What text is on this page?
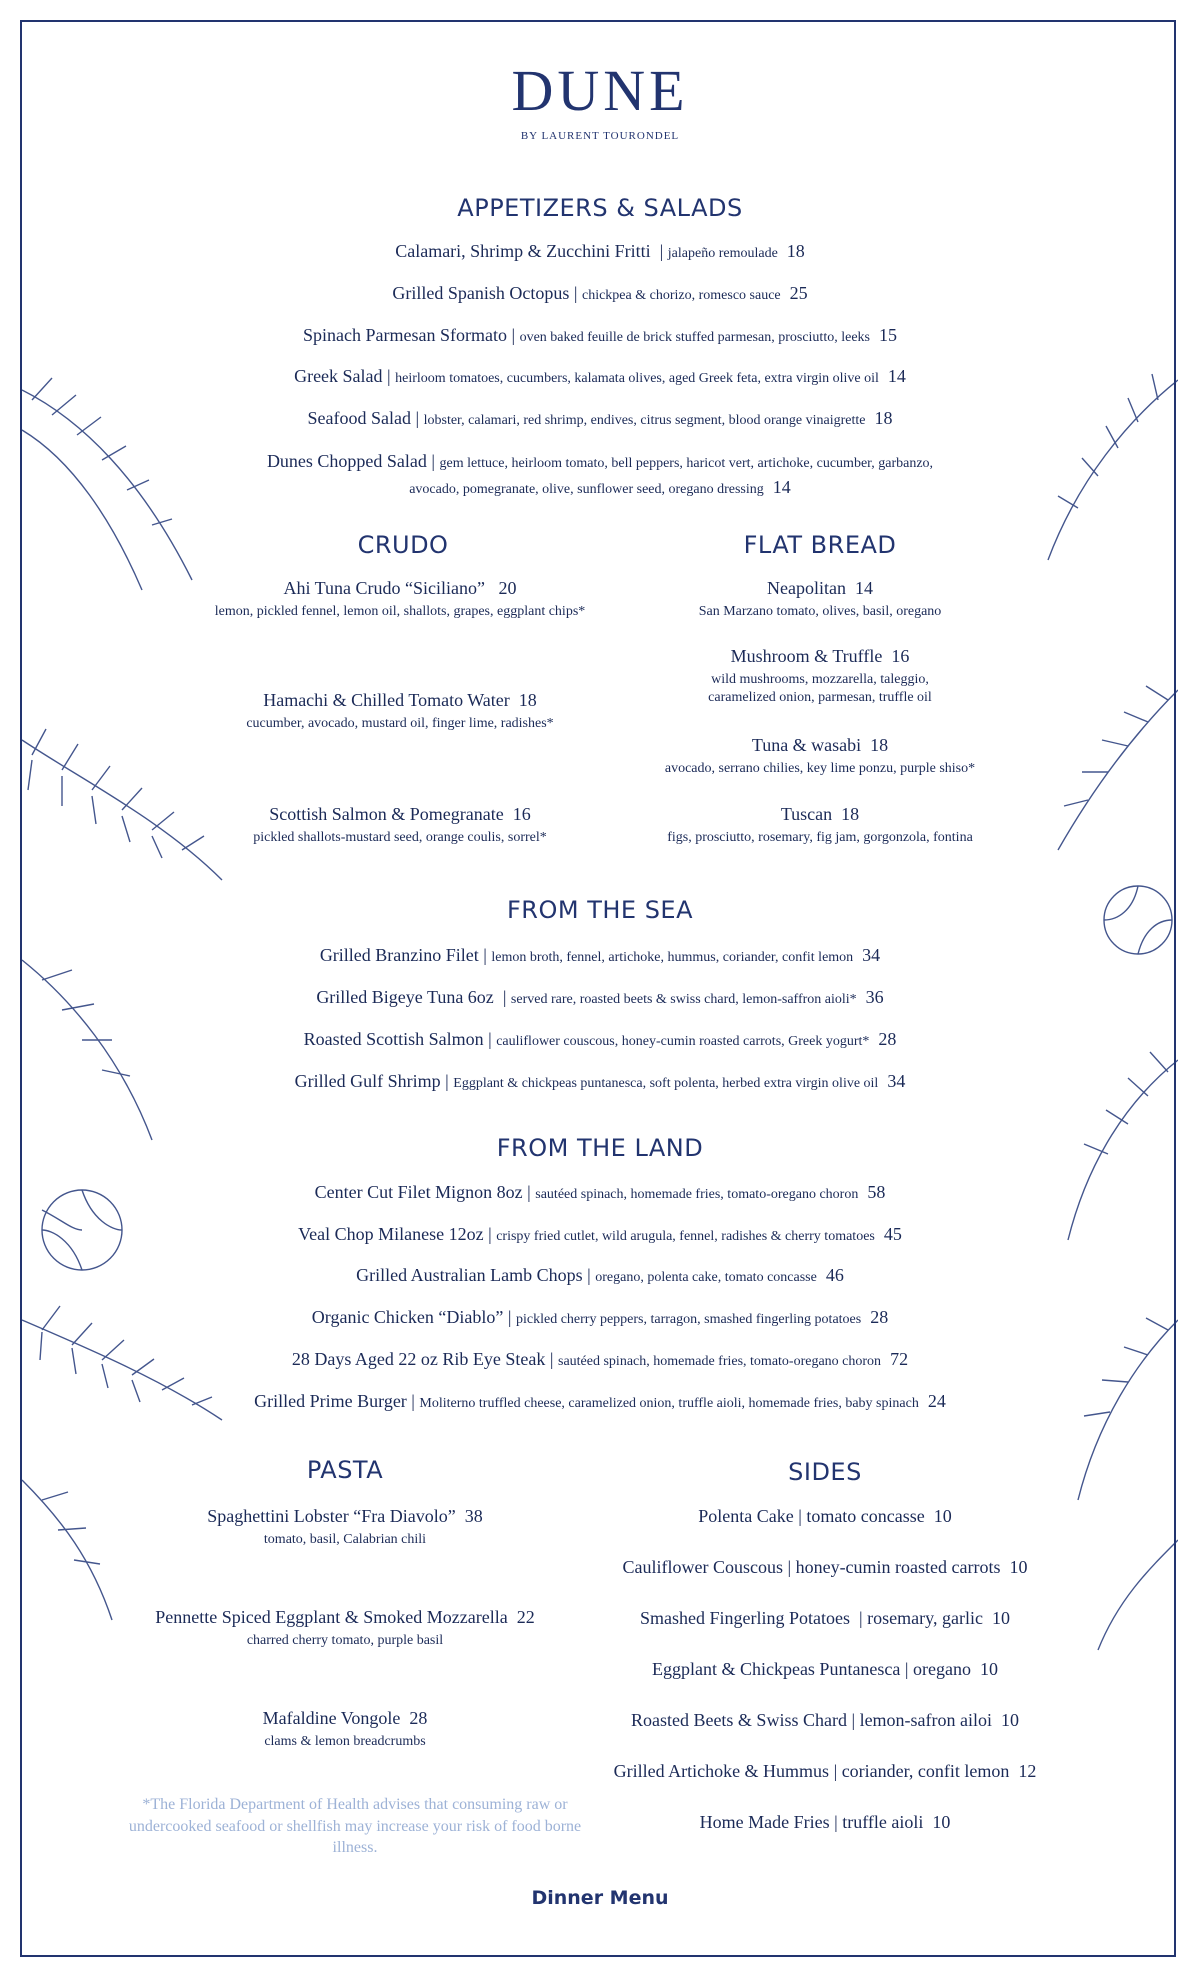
DUNE
BY LAURENT TOURONDEL
APPETIZERS & SALADS
Calamari, Shrimp & Zucchini Fritti  | jalapeño remoulade 18
Grilled Spanish Octopus | chickpea & chorizo, romesco sauce 25
Spinach Parmesan Sformato | oven baked feuille de brick stuffed parmesan, prosciutto, leeks 15
Greek Salad | heirloom tomatoes, cucumbers, kalamata olives, aged Greek feta, extra virgin olive oil 14
Seafood Salad | lobster, calamari, red shrimp, endives, citrus segment, blood orange vinaigrette 18
Dunes Chopped Salad | gem lettuce, heirloom tomato, bell peppers, haricot vert, artichoke, cucumber, garbanzo,
avocado, pomegranate, olive, sunflower seed, oregano dressing 14
CRUDO
Ahi Tuna Crudo “Siciliano” 20
lemon, pickled fennel, lemon oil, shallots, grapes, eggplant chips*
Hamachi & Chilled Tomato Water 18
cucumber, avocado, mustard oil, finger lime, radishes*
Scottish Salmon & Pomegranate 16
pickled shallots-mustard seed, orange coulis, sorrel*
FLAT BREAD
Neapolitan 14
San Marzano tomato, olives, basil, oregano
Mushroom & Truffle 16
wild mushrooms, mozzarella, taleggio,
caramelized onion, parmesan, truffle oil
Tuna & wasabi 18
avocado, serrano chilies, key lime ponzu, purple shiso*
Tuscan 18
figs, prosciutto, rosemary, fig jam, gorgonzola, fontina
FROM THE SEA
Grilled Branzino Filet | lemon broth, fennel, artichoke, hummus, coriander, confit lemon 34
Grilled Bigeye Tuna 6oz  | served rare, roasted beets & swiss chard, lemon-saffron aioli* 36
Roasted Scottish Salmon | cauliflower couscous, honey-cumin roasted carrots, Greek yogurt* 28
Grilled Gulf Shrimp | Eggplant & chickpeas puntanesca, soft polenta, herbed extra virgin olive oil 34
FROM THE LAND
Center Cut Filet Mignon 8oz | sautéed spinach, homemade fries, tomato-oregano choron 58
Veal Chop Milanese 12oz | crispy fried cutlet, wild arugula, fennel, radishes & cherry tomatoes 45
Grilled Australian Lamb Chops | oregano, polenta cake, tomato concasse 46
Organic Chicken “Diablo” | pickled cherry peppers, tarragon, smashed fingerling potatoes 28
28 Days Aged 22 oz Rib Eye Steak | sautéed spinach, homemade fries, tomato-oregano choron 72
Grilled Prime Burger | Moliterno truffled cheese, caramelized onion, truffle aioli, homemade fries, baby spinach 24
PASTA
Spaghettini Lobster “Fra Diavolo” 38
tomato, basil, Calabrian chili
Pennette Spiced Eggplant & Smoked Mozzarella 22
charred cherry tomato, purple basil
Mafaldine Vongole 28
clams & lemon breadcrumbs
SIDES
Polenta Cake | tomato concasse 10
Cauliflower Couscous | honey-cumin roasted carrots 10
Smashed Fingerling Potatoes  | rosemary, garlic 10
Eggplant & Chickpeas Puntanesca | oregano 10
Roasted Beets & Swiss Chard | lemon-safron ailoi 10
Grilled Artichoke & Hummus | coriander, confit lemon 12
Home Made Fries | truffle aioli 10
*The Florida Department of Health advises that consuming raw or undercooked seafood or shellfish may increase your risk of food borne illness.
Dinner Menu
